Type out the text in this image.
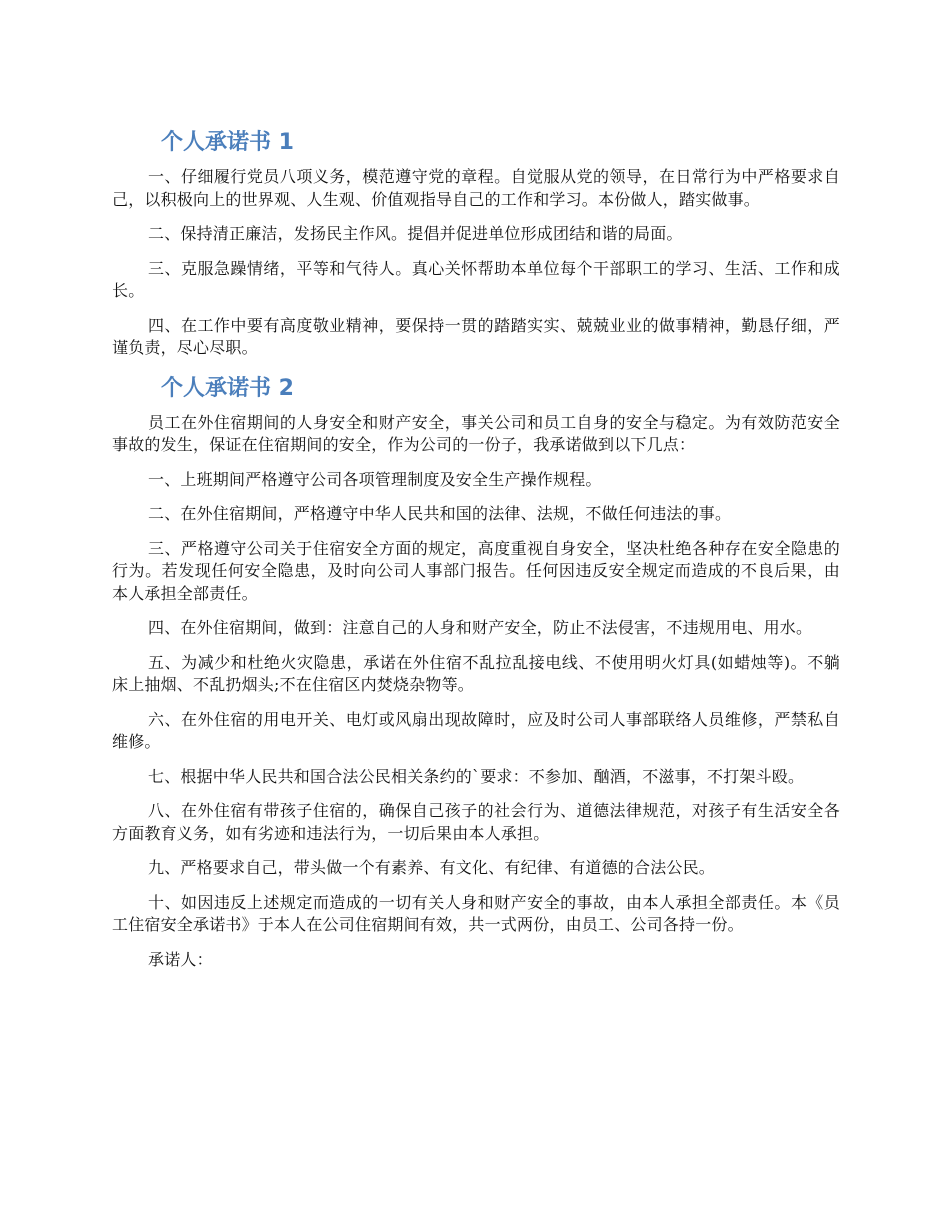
个人承诺书 1

一、仔细履行党员八项义务，模范遵守党的章程。自觉服从党的领导，在日常行为中严格要求自己，以积极向上的世界观、人生观、价值观指导自己的工作和学习。本份做人，踏实做事。

二、保持清正廉洁，发扬民主作风。提倡并促进单位形成团结和谐的局面。

三、克服急躁情绪，平等和气待人。真心关怀帮助本单位每个干部职工的学习、生活、工作和成长。

四、在工作中要有高度敬业精神，要保持一贯的踏踏实实、兢兢业业的做事精神，勤恳仔细，严谨负责，尽心尽职。

个人承诺书 2

员工在外住宿期间的人身安全和财产安全，事关公司和员工自身的安全与稳定。为有效防范安全事故的发生，保证在住宿期间的安全，作为公司的一份子，我承诺做到以下几点：

一、上班期间严格遵守公司各项管理制度及安全生产操作规程。

二、在外住宿期间，严格遵守中华人民共和国的法律、法规，不做任何违法的事。

三、严格遵守公司关于住宿安全方面的规定，高度重视自身安全，坚决杜绝各种存在安全隐患的行为。若发现任何安全隐患，及时向公司人事部门报告。任何因违反安全规定而造成的不良后果，由本人承担全部责任。

四、在外住宿期间，做到：注意自己的人身和财产安全，防止不法侵害，不违规用电、用水。

五、为减少和杜绝火灾隐患，承诺在外住宿不乱拉乱接电线、不使用明火灯具(如蜡烛等)。不躺床上抽烟、不乱扔烟头;不在住宿区内焚烧杂物等。

六、在外住宿的用电开关、电灯或风扇出现故障时，应及时公司人事部联络人员维修，严禁私自维修。

七、根据中华人民共和国合法公民相关条约的`要求：不参加、酗酒，不滋事，不打架斗殴。

八、在外住宿有带孩子住宿的，确保自己孩子的社会行为、道德法律规范，对孩子有生活安全各方面教育义务，如有劣迹和违法行为，一切后果由本人承担。

九、严格要求自己，带头做一个有素养、有文化、有纪律、有道德的合法公民。

十、如因违反上述规定而造成的一切有关人身和财产安全的事故，由本人承担全部责任。本《员工住宿安全承诺书》于本人在公司住宿期间有效，共一式两份，由员工、公司各持一份。

承诺人：
